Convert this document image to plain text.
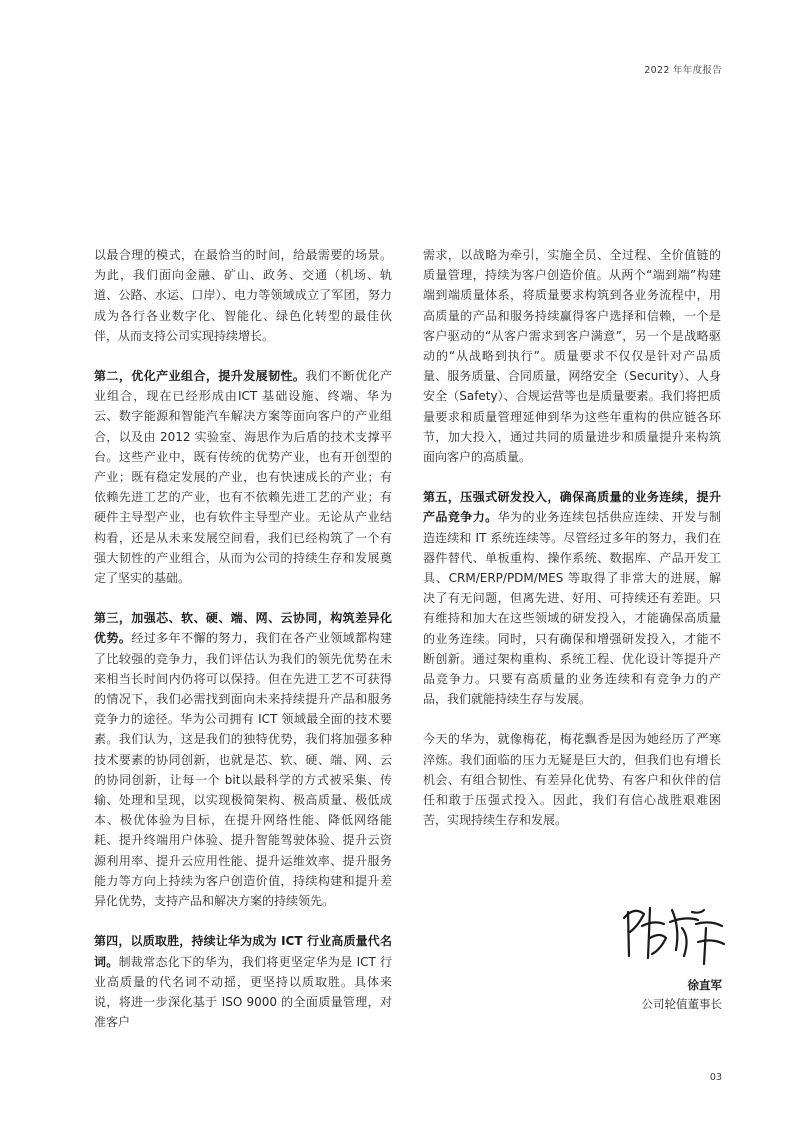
2022 年年度报告

以最合理的模式，在最恰当的时间，给最需要的场景。为此，我们面向金融、矿山、政务、交通（机场、轨道、公路、水运、口岸）、电力等领域成立了军团，努力成为各行各业数字化、智能化、绿色化转型的最佳伙伴，从而支持公司实现持续增长。

第二，优化产业组合，提升发展韧性。我们不断优化产业组合，现在已经形成由ICT 基础设施、终端、华为云、数字能源和智能汽车解决方案等面向客户的产业组合，以及由 2012 实验室、海思作为后盾的技术支撑平台。这些产业中，既有传统的优势产业，也有开创型的产业；既有稳定发展的产业，也有快速成长的产业；有依赖先进工艺的产业，也有不依赖先进工艺的产业；有硬件主导型产业，也有软件主导型产业。无论从产业结构看，还是从未来发展空间看，我们已经构筑了一个有强大韧性的产业组合，从而为公司的持续生存和发展奠定了坚实的基础。

第三，加强芯、软、硬、端、网、云协同，构筑差异化优势。经过多年不懈的努力，我们在各产业领域都构建了比较强的竞争力，我们评估认为我们的领先优势在未来相当长时间内仍将可以保持。但在先进工艺不可获得的情况下，我们必需找到面向未来持续提升产品和服务竞争力的途径。华为公司拥有 ICT 领域最全面的技术要素。我们认为，这是我们的独特优势，我们将加强多种技术要素的协同创新，也就是芯、软、硬、端、网、云的协同创新，让每一个 bit以最科学的方式被采集、传输、处理和呈现，以实现极简架构、极高质量、极低成本、极优体验为目标，在提升网络性能、降低网络能耗、提升终端用户体验、提升智能驾驶体验、提升云资源利用率、提升云应用性能、提升运维效率、提升服务能力等方向上持续为客户创造价值，持续构建和提升差异化优势，支持产品和解决方案的持续领先。

第四，以质取胜，持续让华为成为 ICT 行业高质量代名词。制裁常态化下的华为，我们将更坚定华为是 ICT 行业高质量的代名词不动摇，更坚持以质取胜。具体来说，将进一步深化基于 ISO 9000 的全面质量管理，对准客户

需求，以战略为牵引，实施全员、全过程、全价值链的质量管理，持续为客户创造价值。从两个“端到端”构建端到端质量体系，将质量要求构筑到各业务流程中，用高质量的产品和服务持续赢得客户选择和信赖，一个是客户驱动的“从客户需求到客户满意”，另一个是战略驱动的“从战略到执行”。质量要求不仅仅是针对产品质量、服务质量、合同质量，网络安全（Security）、人身安全（Safety）、合规运营等也是质量要素。我们将把质量要求和质量管理延伸到华为这些年重构的供应链各环节，加大投入，通过共同的质量进步和质量提升来构筑面向客户的高质量。

第五，压强式研发投入，确保高质量的业务连续，提升产品竞争力。华为的业务连续包括供应连续、开发与制造连续和 IT 系统连续等。尽管经过多年的努力，我们在器件替代、单板重构、操作系统、数据库、产品开发工具、CRM/ERP/PDM/MES 等取得了非常大的进展，解决了有无问题，但离先进、好用、可持续还有差距。只有维持和加大在这些领域的研发投入，才能确保高质量的业务连续。同时，只有确保和增强研发投入，才能不断创新。通过架构重构、系统工程、优化设计等提升产品竞争力。只要有高质量的业务连续和有竞争力的产品，我们就能持续生存与发展。

今天的华为，就像梅花，梅花飘香是因为她经历了严寒淬炼。我们面临的压力无疑是巨大的，但我们也有增长机会、有组合韧性、有差异化优势、有客户和伙伴的信任和敢于压强式投入。因此，我们有信心战胜艰难困苦，实现持续生存和发展。

徐直军
公司轮值董事长
03
